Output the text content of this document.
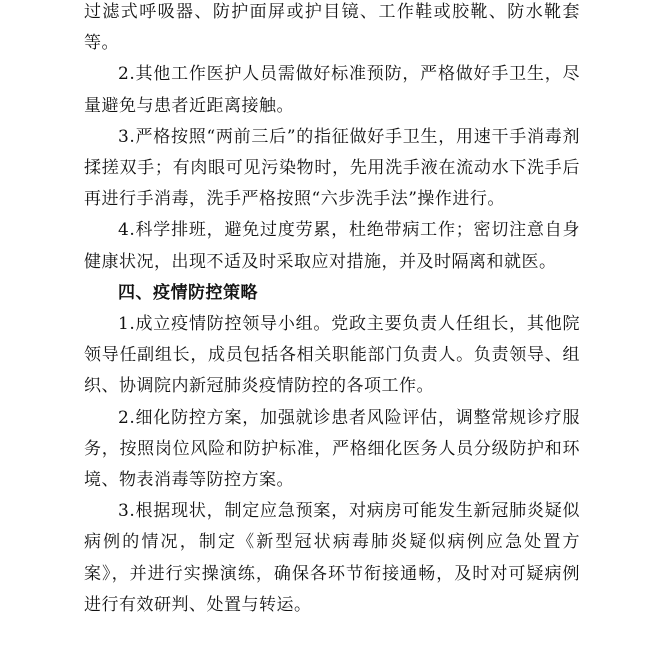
过滤式呼吸器、防护面屏或护目镜、工作鞋或胶靴、防水靴套等。

2.其他工作医护人员需做好标准预防，严格做好手卫生，尽量避免与患者近距离接触。

3.严格按照“两前三后”的指征做好手卫生，用速干手消毒剂揉搓双手；有肉眼可见污染物时，先用洗手液在流动水下洗手后再进行手消毒，洗手严格按照“六步洗手法”操作进行。

4.科学排班，避免过度劳累，杜绝带病工作；密切注意自身健康状况，出现不适及时采取应对措施，并及时隔离和就医。

四、疫情防控策略

1.成立疫情防控领导小组。党政主要负责人任组长，其他院领导任副组长，成员包括各相关职能部门负责人。负责领导、组织、协调院内新冠肺炎疫情防控的各项工作。

2.细化防控方案，加强就诊患者风险评估，调整常规诊疗服务，按照岗位风险和防护标准，严格细化医务人员分级防护和环境、物表消毒等防控方案。

3.根据现状，制定应急预案，对病房可能发生新冠肺炎疑似病例的情况，制定《新型冠状病毒肺炎疑似病例应急处置方案》，并进行实操演练，确保各环节衔接通畅，及时对可疑病例进行有效研判、处置与转运。
